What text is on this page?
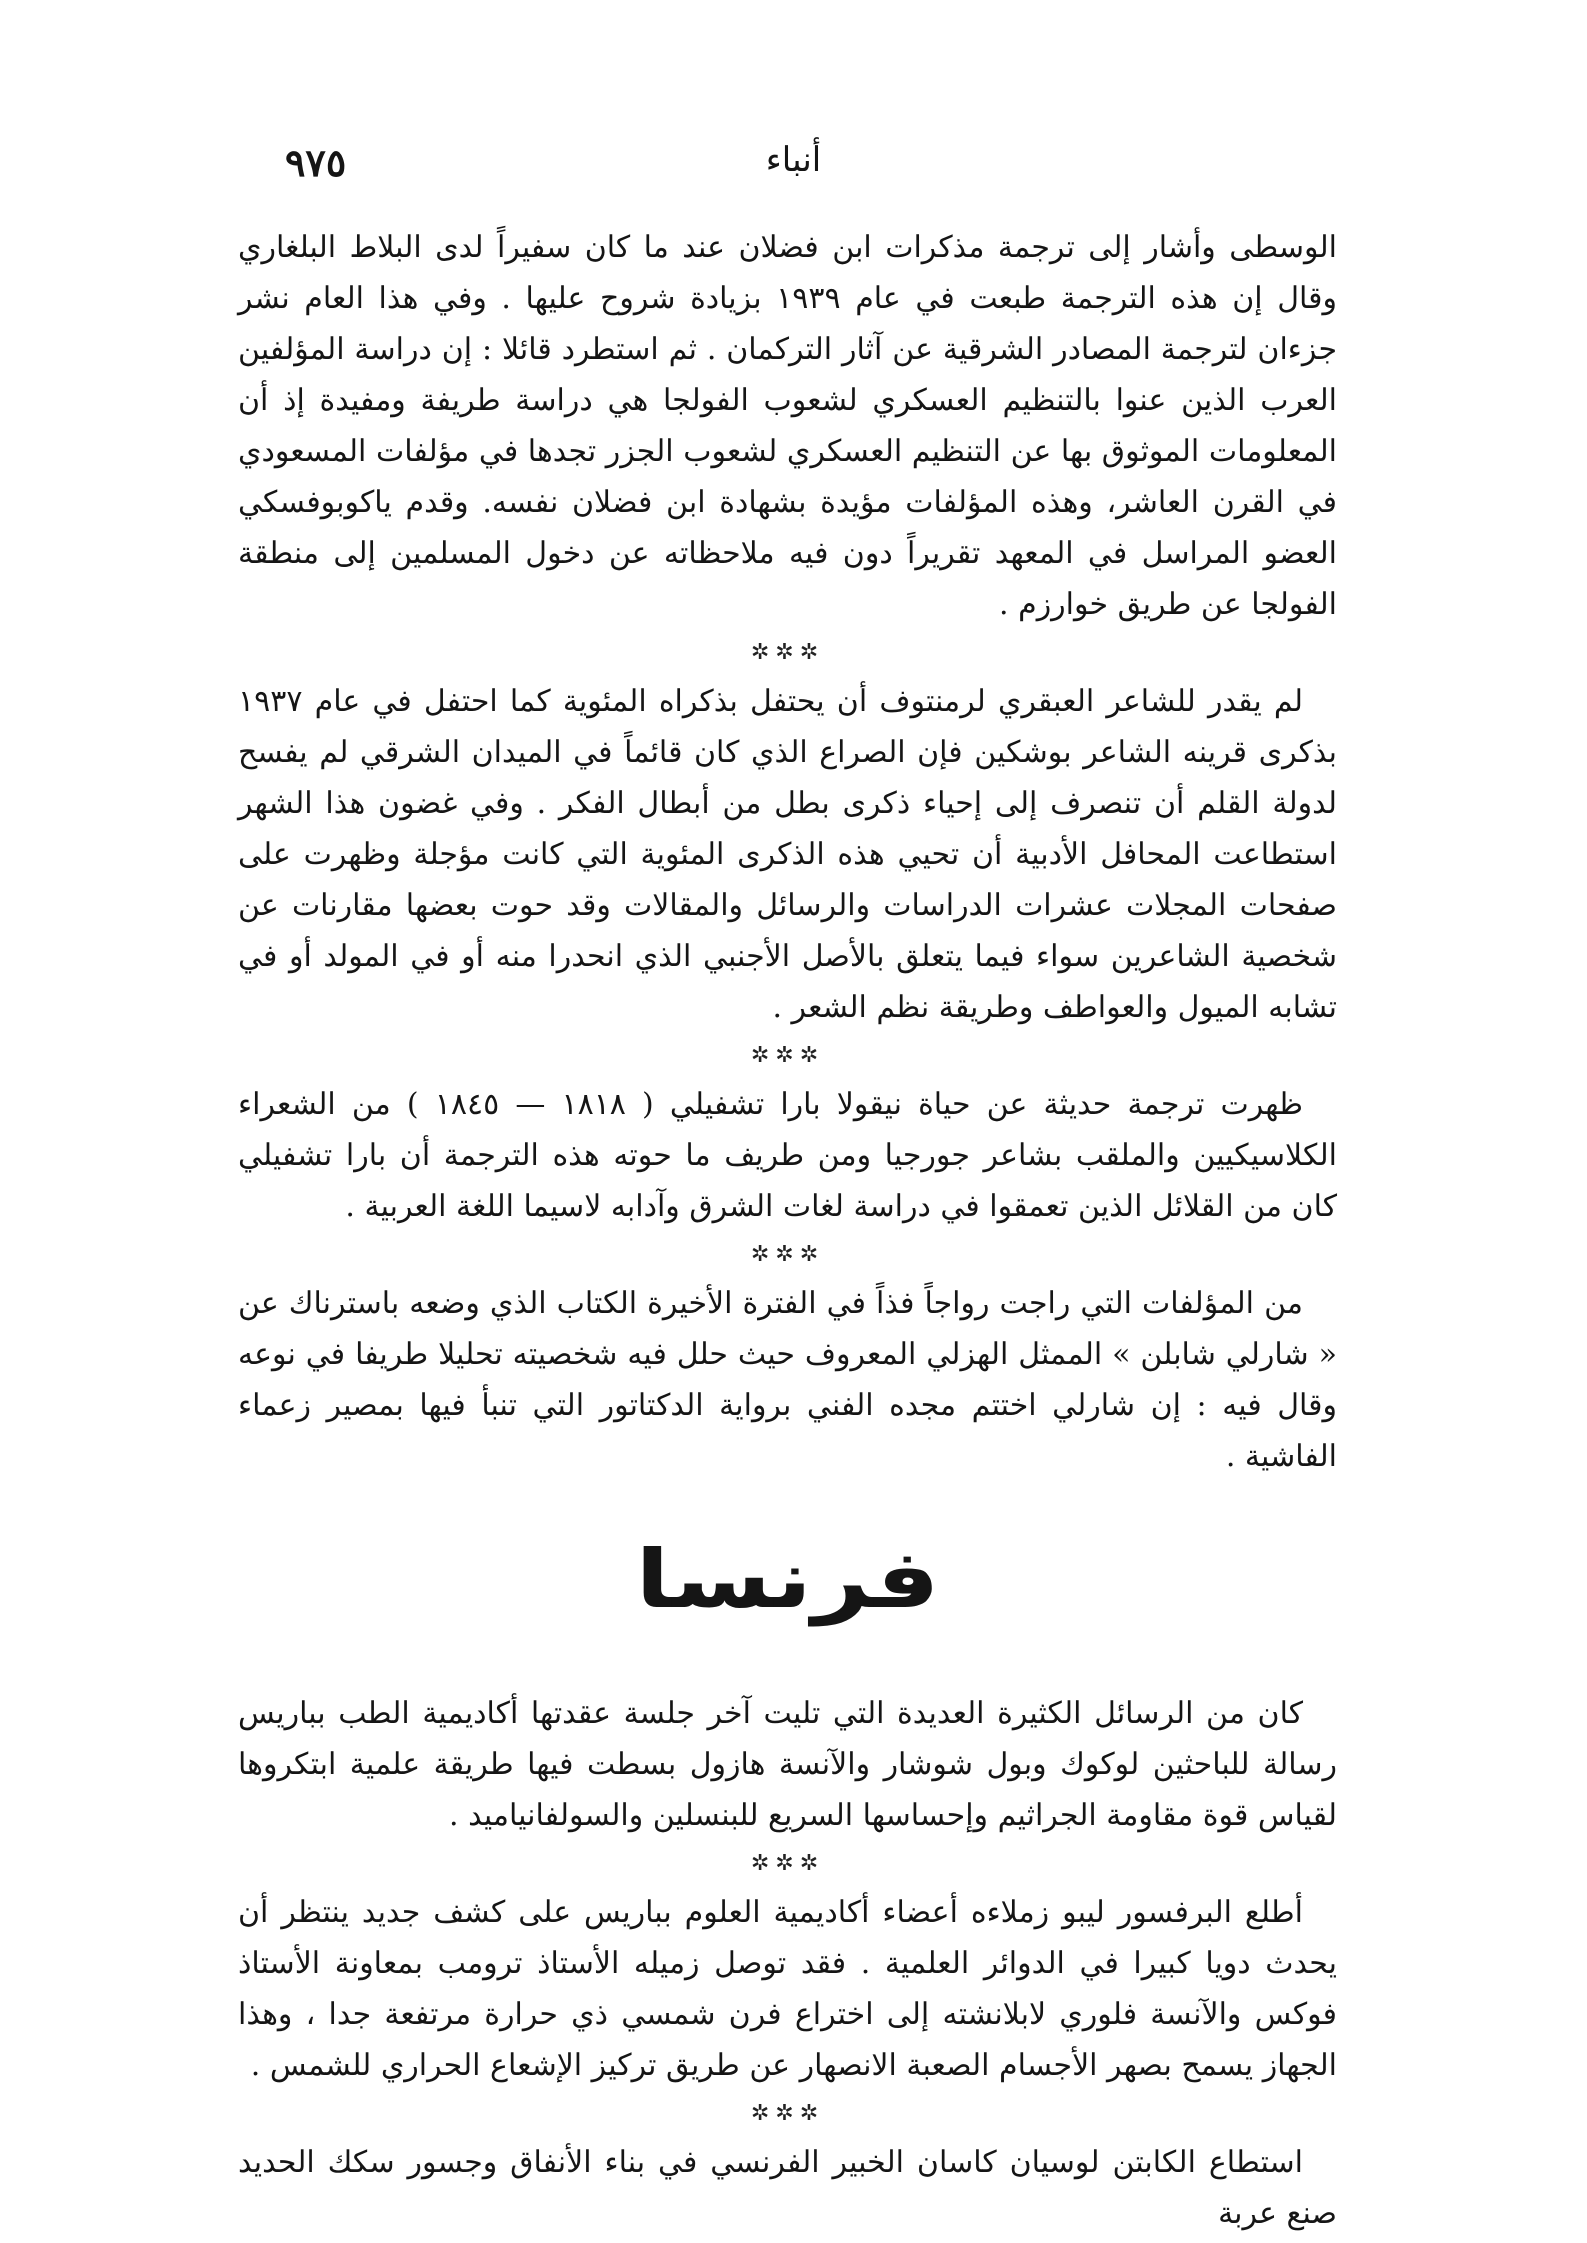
٩٧٥	أنباء

الوسطى وأشار إلى ترجمة مذكرات ابن فضلان عند ما كان سفيراً لدى البلاط البلغاري وقال إن هذه الترجمة طبعت في عام ١٩٣٩ بزيادة شروح عليها . وفي هذا العام نشر جزءان لترجمة المصادر الشرقية عن آثار التركمان . ثم استطرد قائلا : إن دراسة المؤلفين العرب الذين عنوا بالتنظيم العسكري لشعوب الفولجا هي دراسة طريفة ومفيدة إذ أن المعلومات الموثوق بها عن التنظيم العسكري لشعوب الجزر تجدها في مؤلفات المسعودي في القرن العاشر، وهذه المؤلفات مؤيدة بشهادة ابن فضلان نفسه. وقدم ياكوبوفسكي العضو المراسل في المعهد تقريراً دون فيه ملاحظاته عن دخول المسلمين إلى منطقة الفولجا عن طريق خوارزم .

✲✲✲

لم يقدر للشاعر العبقري لرمنتوف أن يحتفل بذكراه المئوية كما احتفل في عام ١٩٣٧ بذكرى قرينه الشاعر بوشكين فإن الصراع الذي كان قائماً في الميدان الشرقي لم يفسح لدولة القلم أن تنصرف إلى إحياء ذكرى بطل من أبطال الفكر . وفي غضون هذا الشهر استطاعت المحافل الأدبية أن تحيي هذه الذكرى المئوية التي كانت مؤجلة وظهرت على صفحات المجلات عشرات الدراسات والرسائل والمقالات وقد حوت بعضها مقارنات عن شخصية الشاعرين سواء فيما يتعلق بالأصل الأجنبي الذي انحدرا منه أو في المولد أو في تشابه الميول والعواطف وطريقة نظم الشعر .

✲✲✲

ظهرت ترجمة حديثة عن حياة نيقولا بارا تشفيلي ( ١٨١٨ — ١٨٤٥ ) من الشعراء الكلاسيكيين والملقب بشاعر جورجيا ومن طريف ما حوته هذه الترجمة أن بارا تشفيلي كان من القلائل الذين تعمقوا في دراسة لغات الشرق وآدابه لاسيما اللغة العربية .

✲✲✲

من المؤلفات التي راجت رواجاً فذاً في الفترة الأخيرة الكتاب الذي وضعه باسترناك عن « شارلي شابلن » الممثل الهزلي المعروف حيث حلل فيه شخصيته تحليلا طريفا في نوعه وقال فيه : إن شارلي اختتم مجده الفني برواية الدكتاتور التي تنبأ فيها بمصير زعماء الفاشية .

فرنسا

كان من الرسائل الكثيرة العديدة التي تليت آخر جلسة عقدتها أكاديمية الطب بباريس رسالة للباحثين لوكوك وبول شوشار والآنسة هازول بسطت فيها طريقة علمية ابتكروها لقياس قوة مقاومة الجراثيم وإحساسها السريع للبنسلين والسولفانياميد .

✲✲✲

أطلع البرفسور ليبو زملاءه أعضاء أكاديمية العلوم بباريس على كشف جديد ينتظر أن يحدث دويا كبيرا في الدوائر العلمية . فقد توصل زميله الأستاذ ترومب بمعاونة الأستاذ فوكس والآنسة فلوري لابلانشته إلى اختراع فرن شمسي ذي حرارة مرتفعة جدا ، وهذا الجهاز يسمح بصهر الأجسام الصعبة الانصهار عن طريق تركيز الإشعاع الحراري للشمس .

✲✲✲

استطاع الكابتن لوسيان كاسان الخبير الفرنسي في بناء الأنفاق وجسور سكك الحديد صنع عربة
